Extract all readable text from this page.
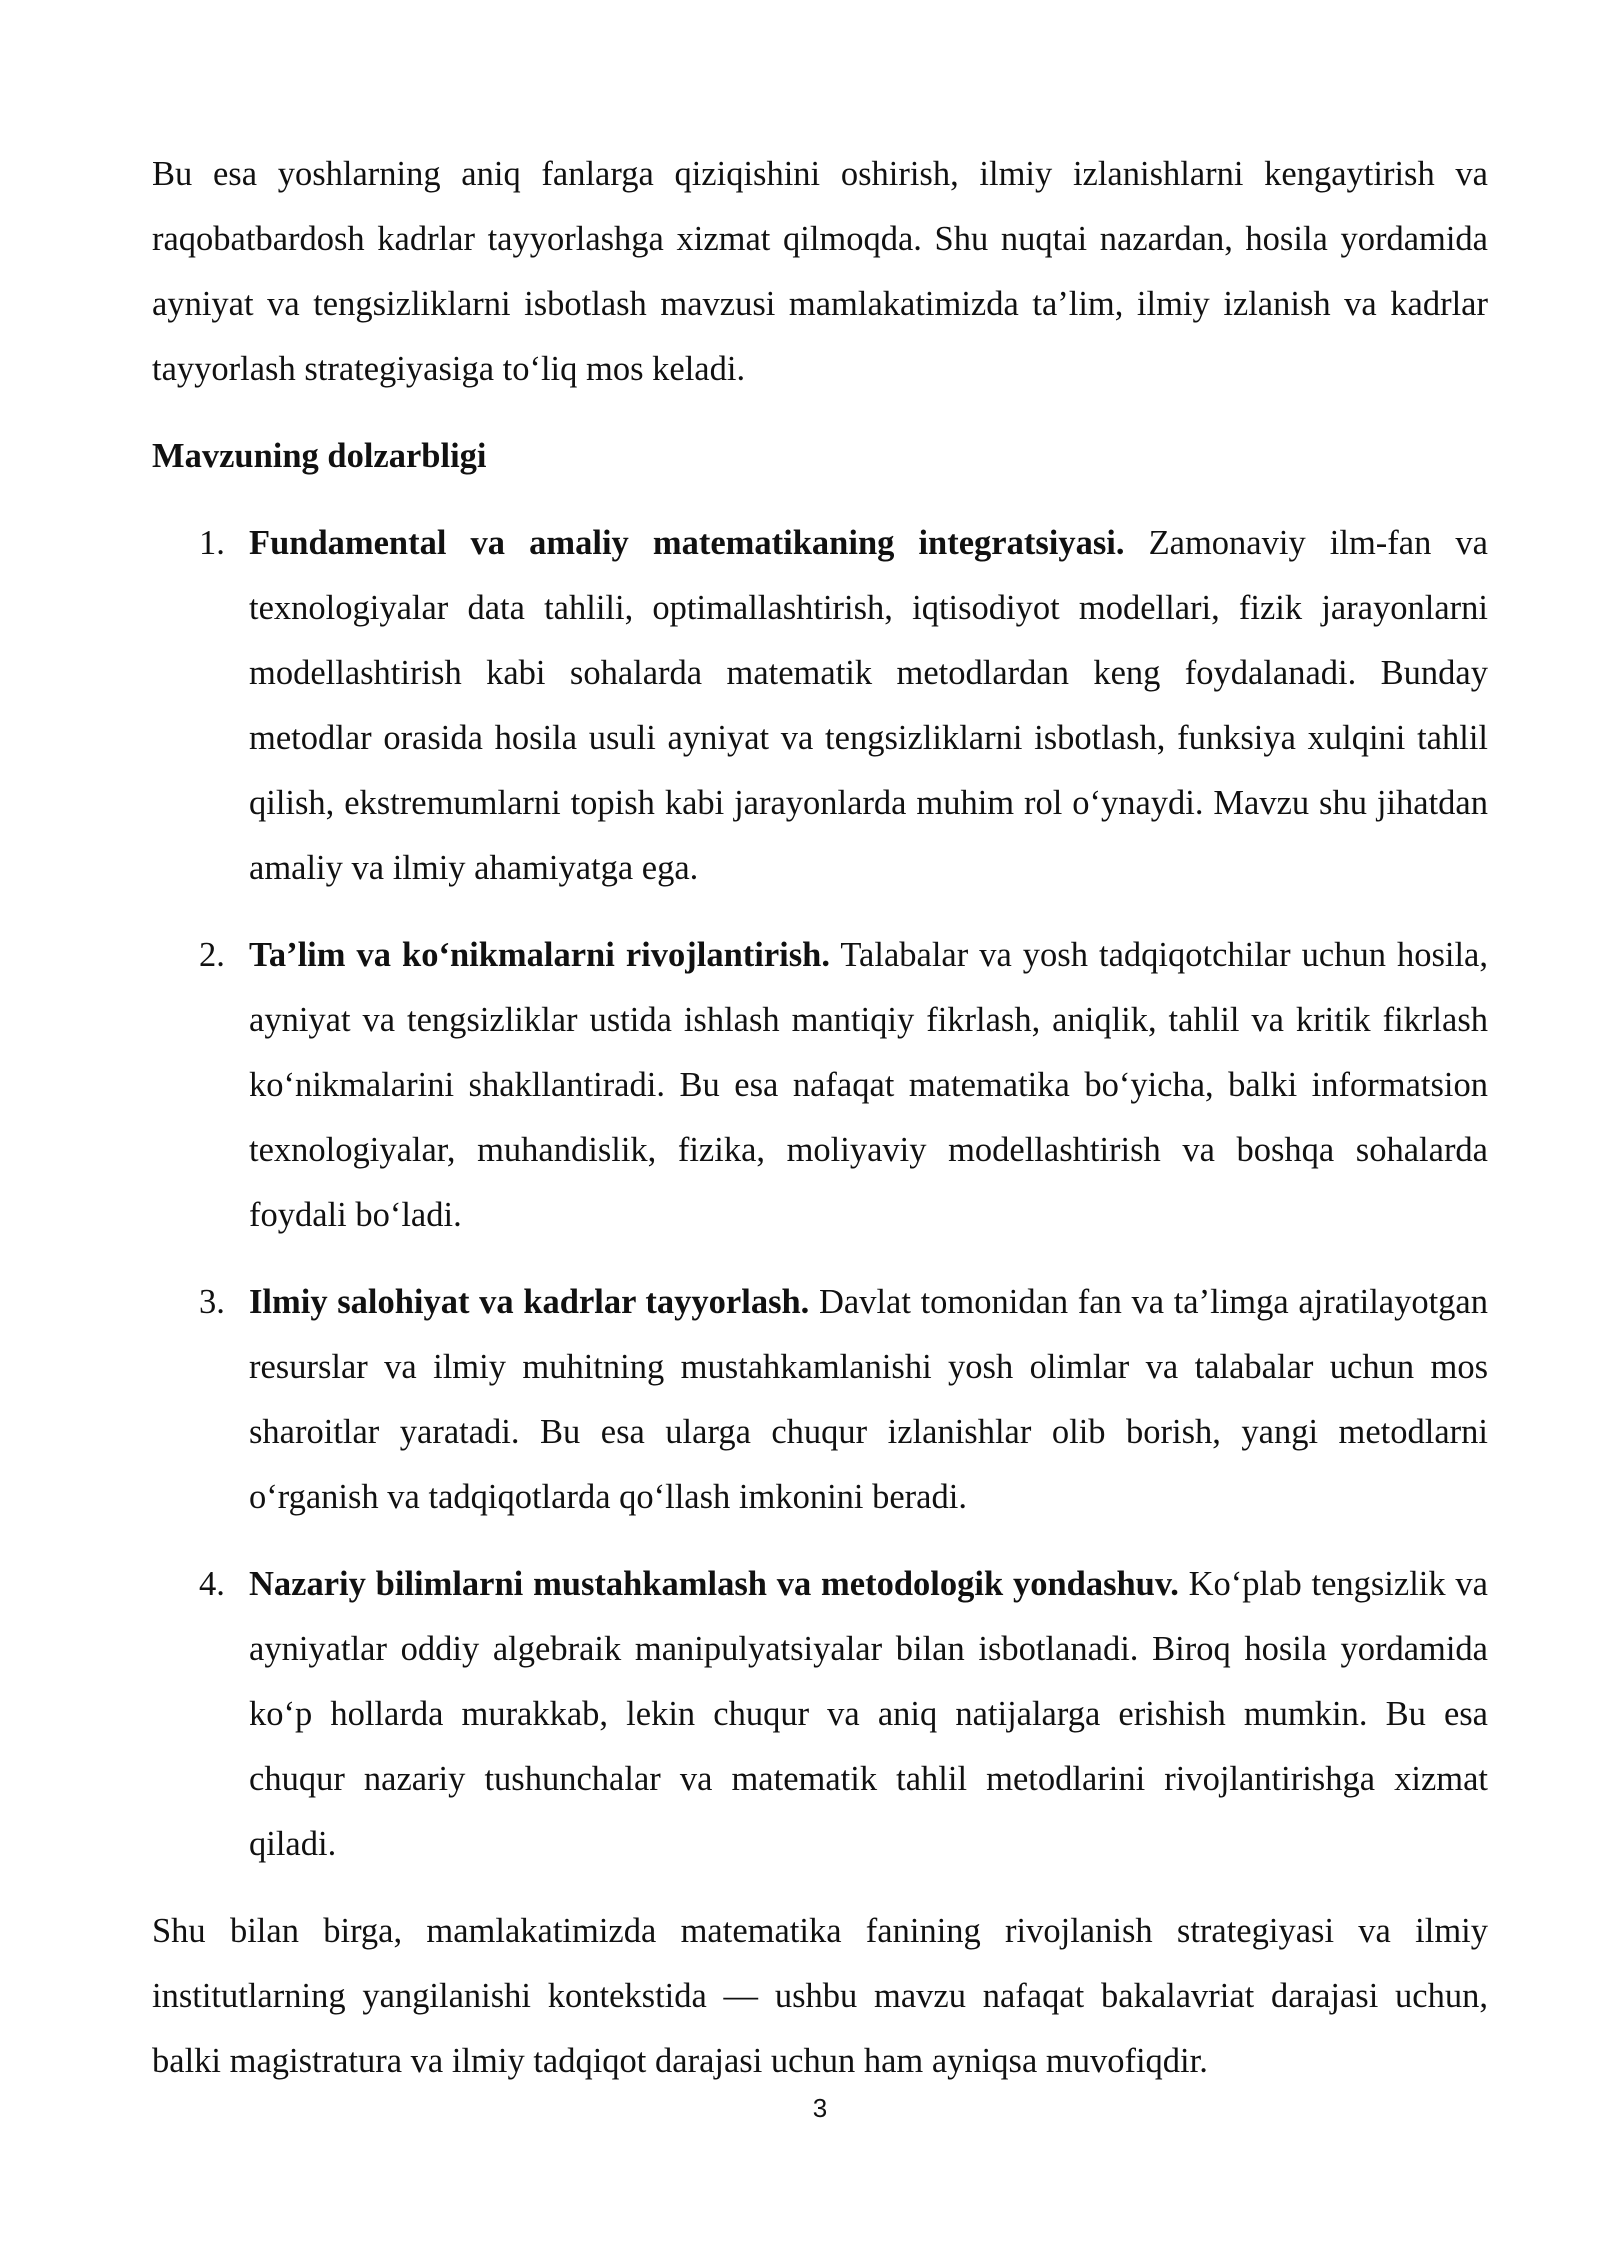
Bu esa yoshlarning aniq fanlarga qiziqishini oshirish, ilmiy izlanishlarni kengaytirish va raqobatbardosh kadrlar tayyorlashga xizmat qilmoqda. Shu nuqtai nazardan, hosila yordamida ayniyat va tengsizliklarni isbotlash mavzusi mamlakatimizda ta’lim, ilmiy izlanish va kadrlar tayyorlash strategiyasiga to‘liq mos keladi.

Mavzuning dolzarbligi

1. Fundamental va amaliy matematikaning integratsiyasi. Zamonaviy ilm-fan va texnologiyalar data tahlili, optimallashtirish, iqtisodiyot modellari, fizik jarayonlarni modellashtirish kabi sohalarda matematik metodlardan keng foydalanadi. Bunday metodlar orasida hosila usuli ayniyat va tengsizliklarni isbotlash, funksiya xulqini tahlil qilish, ekstremumlarni topish kabi jarayonlarda muhim rol o‘ynaydi. Mavzu shu jihatdan amaliy va ilmiy ahamiyatga ega.
2. Ta’lim va ko‘nikmalarni rivojlantirish. Talabalar va yosh tadqiqotchilar uchun hosila, ayniyat va tengsizliklar ustida ishlash mantiqiy fikrlash, aniqlik, tahlil va kritik fikrlash ko‘nikmalarini shakllantiradi. Bu esa nafaqat matematika bo‘yicha, balki informatsion texnologiyalar, muhandislik, fizika, moliyaviy modellashtirish va boshqa sohalarda foydali bo‘ladi.
3. Ilmiy salohiyat va kadrlar tayyorlash. Davlat tomonidan fan va ta’limga ajratilayotgan resurslar va ilmiy muhitning mustahkamlanishi yosh olimlar va talabalar uchun mos sharoitlar yaratadi. Bu esa ularga chuqur izlanishlar olib borish, yangi metodlarni o‘rganish va tadqiqotlarda qo‘llash imkonini beradi.
4. Nazariy bilimlarni mustahkamlash va metodologik yondashuv. Ko‘plab tengsizlik va ayniyatlar oddiy algebraik manipulyatsiyalar bilan isbotlanadi. Biroq hosila yordamida ko‘p hollarda murakkab, lekin chuqur va aniq natijalarga erishish mumkin. Bu esa chuqur nazariy tushunchalar va matematik tahlil metodlarini rivojlantirishga xizmat qiladi.

Shu bilan birga, mamlakatimizda matematika fanining rivojlanish strategiyasi va ilmiy institutlarning yangilanishi kontekstida — ushbu mavzu nafaqat bakalavriat darajasi uchun, balki magistratura va ilmiy tadqiqot darajasi uchun ham ayniqsa muvofiqdir.

3
